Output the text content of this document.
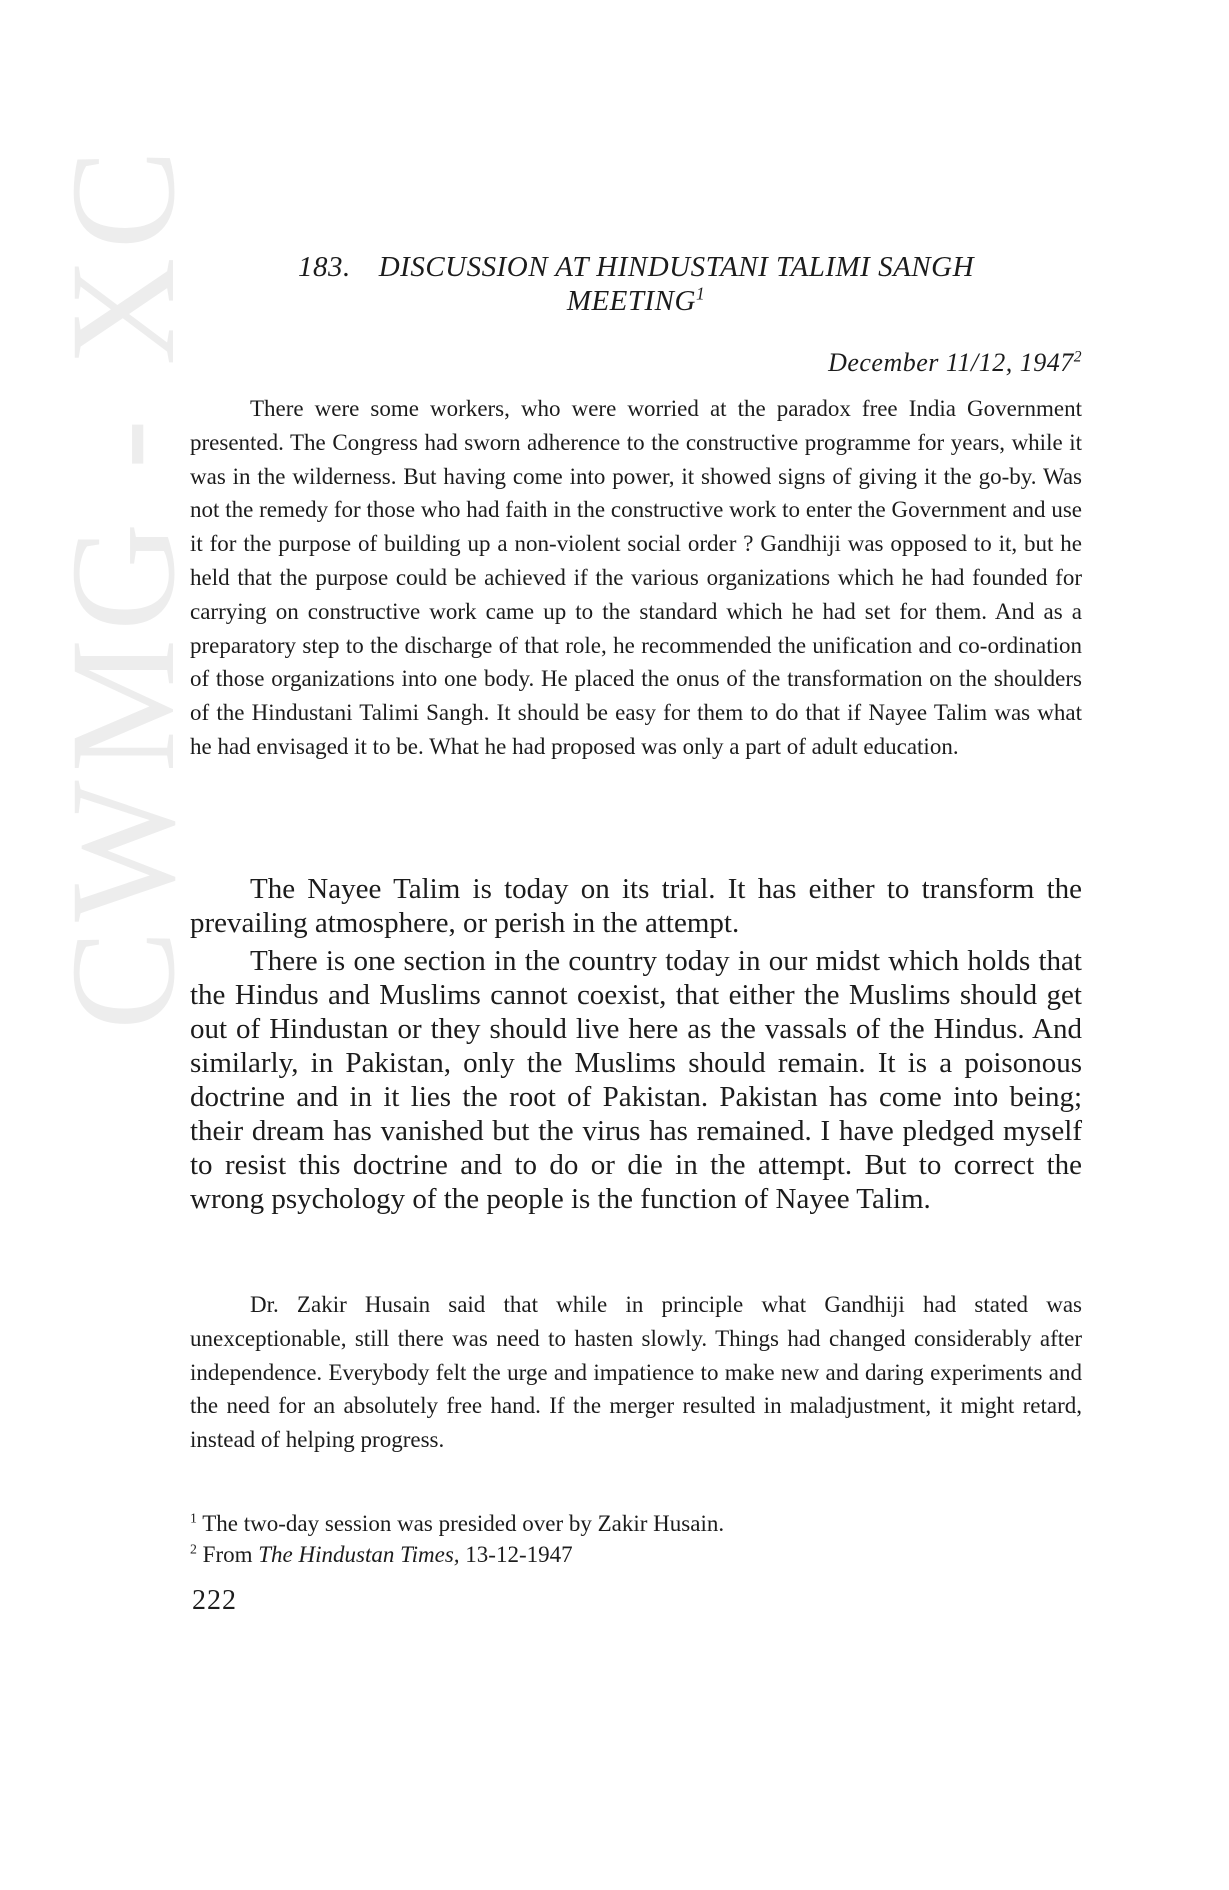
CWMG - XC	183. DISCUSSION AT HINDUSTANI TALIMI SANGH
MEETING$^1$
December 11/12, 1947$^2$

There were some workers, who were worried at the paradox free India Government presented. The Congress had sworn adherence to the constructive programme for years, while it was in the wilderness. But having come into power, it showed signs of giving it the go-by. Was not the remedy for those who had faith in the constructive work to enter the Government and use it for the purpose of building up a non-violent social order ? Gandhiji was opposed to it, but he held that the purpose could be achieved if the various organizations which he had founded for carrying on constructive work came up to the standard which he had set for them. And as a preparatory step to the discharge of that role, he recommended the unification and co-ordination of those organizations into one body. He placed the onus of the transformation on the shoulders of the Hindustani Talimi Sangh. It should be easy for them to do that if Nayee Talim was what he had envisaged it to be. What he had proposed was only a part of adult education.

The Nayee Talim is today on its trial. It has either to transform the prevailing atmosphere, or perish in the attempt.

There is one section in the country today in our midst which holds that the Hindus and Muslims cannot coexist, that either the Muslims should get out of Hindustan or they should live here as the vassals of the Hindus. And similarly, in Pakistan, only the Muslims should remain. It is a poisonous doctrine and in it lies the root of Pakistan. Pakistan has come into being; their dream has vanished but the virus has remained. I have pledged myself to resist this doctrine and to do or die in the attempt. But to correct the wrong psychology of the people is the function of Nayee Talim.

Dr. Zakir Husain said that while in principle what Gandhiji had stated was unexceptionable, still there was need to hasten slowly. Things had changed considerably after independence. Everybody felt the urge and impatience to make new and daring experiments and the need for an absolutely free hand. If the merger resulted in maladjustment, it might retard, instead of helping progress.

$^1$ The two-day session was presided over by Zakir Husain.

$^2$ From The Hindustan Times, 13-12-1947

222
